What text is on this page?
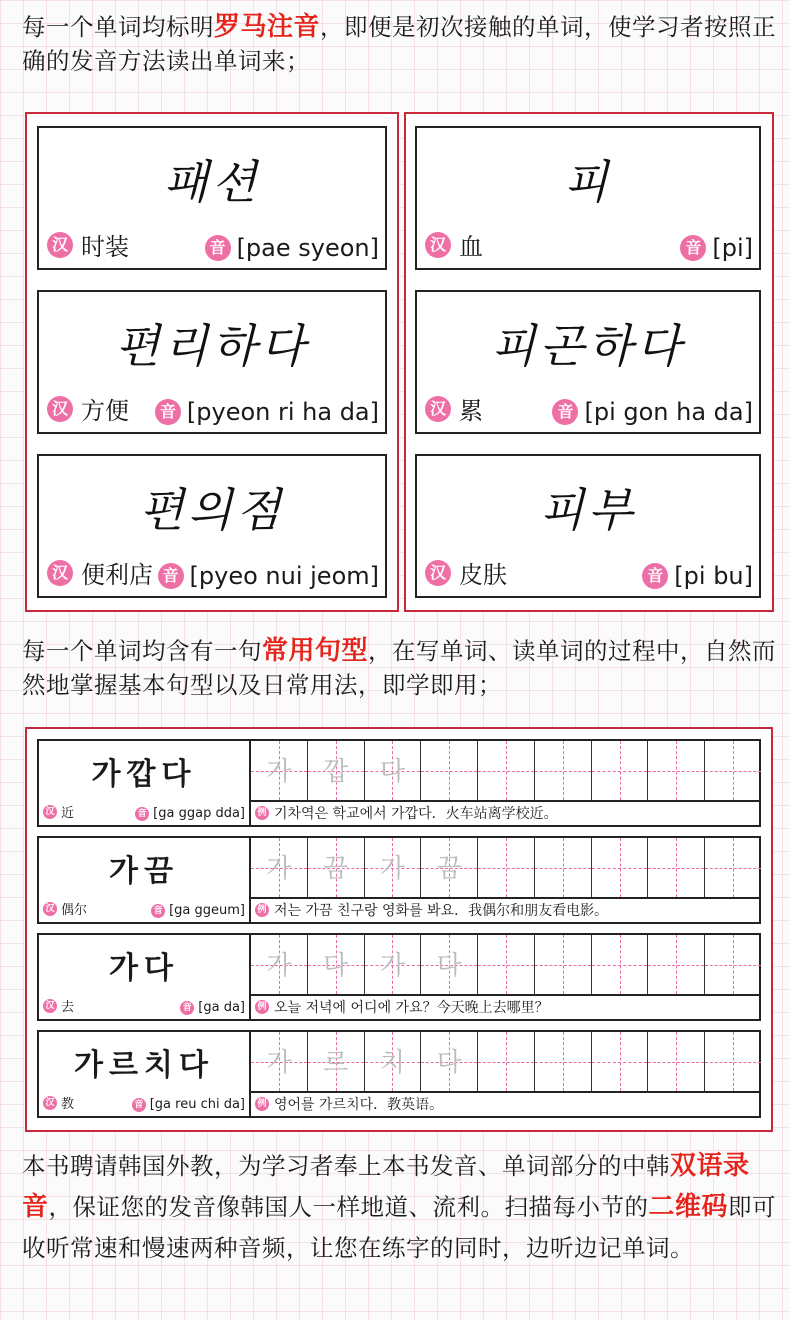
每一个单词均标明罗马注音，即便是初次接触的单词，使学习者按照正确的发音方法读出单词来；
패션
汉 时装	音 [pae syeon]
편리하다
汉 方便	音 [pyeon ri ha da]
편의점
汉 便利店 音 [pyeo nui jeom]
피
汉 血	音 [pi]
피곤하다
汉 累	音 [pi gon ha da]
피부
汉 皮肤	音 [pi bu]
每一个单词均含有一句常用句型，在写单词、读单词的过程中，自然而然地掌握基本句型以及日常用法，即学即用；
가깝다
汉 近	音 [ga ggap dda]
가	깝	다
例 기차역은 학교에서 가깝다．火车站离学校近。
가끔
汉 偶尔	音 [ga ggeum]
가	끔	가	끔
例 저는 가끔 친구랑 영화를 봐요．我偶尔和朋友看电影。
가다
汉 去	音 [ga da]
가	다	가	다
例 오늘 저녁에 어디에 가요？今天晚上去哪里？
가르치다
汉 教	音 [ga reu chi da]
가	르	치	다
例 영어를 가르치다．教英语。
本书聘请韩国外教，为学习者奉上本书发音、单词部分的中韩双语录音，保证您的发音像韩国人一样地道、流利。扫描每小节的二维码即可收听常速和慢速两种音频，让您在练字的同时，边听边记单词。
